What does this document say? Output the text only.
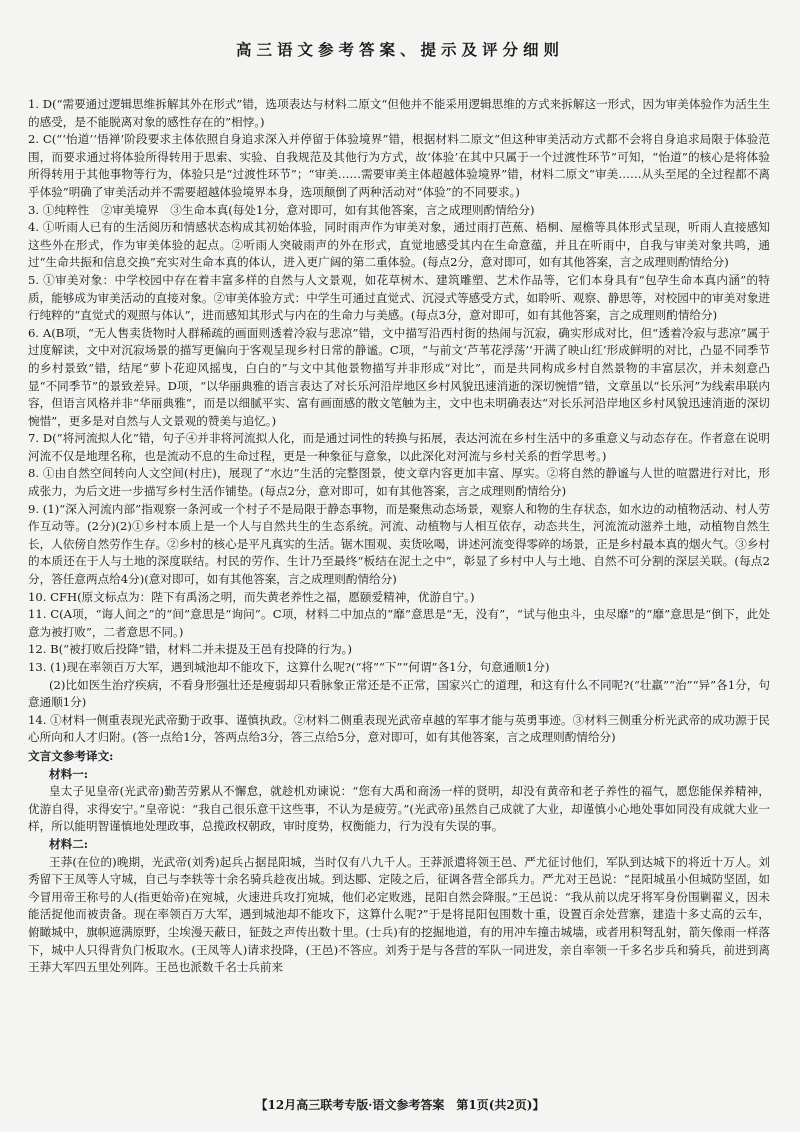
高三语文参考答案、提示及评分细则

1. D(“需要通过逻辑思维拆解其外在形式”错，选项表达与材料二原文“但他并不能采用逻辑思维的方式来拆解这一形式，因为审美体验作为活生生的感受，是不能脱离对象的感性存在的”相悖。)

2. C(“‘怡道’‘悟禅’阶段要求主体依照自身追求深入并停留于体验境界”错，根据材料二原文“但这种审美活动方式都不会将自身追求局限于体验范围，而要求通过将体验所得转用于思索、实验、自我规范及其他行为方式，故‘体验’在其中只属于一个过渡性环节”可知，“怡道”的核心是将体验所得转用于其他事物等行为，体验只是“过渡性环节”；“审美……需要审美主体超越体验境界”错，材料二原文“审美……从头至尾的全过程都不离乎体验”明确了审美活动并不需要超越体验境界本身，选项颠倒了两种活动对“体验”的不同要求。)

3. ①纯粹性　②审美境界　③生命本真(每处1分，意对即可，如有其他答案，言之成理则酌情给分)

4. ①听雨人已有的生活阅历和情感状态构成其初始体验，同时雨声作为审美对象，通过雨打芭蕉、梧桐、屋檐等具体形式呈现，听雨人直接感知这些外在形式，作为审美体验的起点。②听雨人突破雨声的外在形式，直觉地感受其内在生命意蕴，并且在听雨中，自我与审美对象共鸣，通过“生命共振和信息交换”充实对生命本真的体认，进入更广阔的第二重体验。(每点2分，意对即可，如有其他答案，言之成理则酌情给分)

5. ①审美对象：中学校园中存在着丰富多样的自然与人文景观，如花草树木、建筑雕塑、艺术作品等，它们本身具有“包孕生命本真内涵”的特质，能够成为审美活动的直接对象。②审美体验方式：中学生可通过直觉式、沉浸式等感受方式，如聆听、观察、静思等，对校园中的审美对象进行纯粹的“直觉式的观照与体认”，进而感知其形式与内在的生命力与美感。(每点3分，意对即可，如有其他答案，言之成理则酌情给分)

6. A(B项，“无人售卖货物时人群稀疏的画面则透着冷寂与悲凉”错，文中描写沿西村街的热闹与沉寂，确实形成对比，但“透着冷寂与悲凉”属于过度解读，文中对沉寂场景的描写更偏向于客观呈现乡村日常的静谧。C项，“与前文‘芦苇花浮荡’‘开满了映山红’形成鲜明的对比，凸显不同季节的乡村景致”错，结尾“萝卜花迎风摇曳，白白的”与文中其他景物描写并非形成“对比”，而是共同构成乡村自然景物的丰富层次，并未刻意凸显“不同季节”的景致差异。D项，“以华丽典雅的语言表达了对长乐河沿岸地区乡村风貌迅速消逝的深切惋惜”错，文章虽以“长乐河”为线索串联内容，但语言风格并非“华丽典雅”，而是以细腻平实、富有画面感的散文笔触为主，文中也未明确表达“对长乐河沿岸地区乡村风貌迅速消逝的深切惋惜”，更多是对自然与人文景观的赞美与追忆。)

7. D(“将河流拟人化”错，句子④并非将河流拟人化，而是通过词性的转换与拓展，表达河流在乡村生活中的多重意义与动态存在。作者意在说明河流不仅是地理名称，也是流动不息的生命过程，更是一种象征与意象，以此深化对河流与乡村关系的哲学思考。)

8. ①由自然空间转向人文空间(村庄)，展现了“水边”生活的完整图景，使文章内容更加丰富、厚实。②将自然的静谧与人世的喧嚣进行对比，形成张力，为后文进一步描写乡村生活作铺垫。(每点2分，意对即可，如有其他答案，言之成理则酌情给分)

9. (1)“深入河流内部”指观察一条河或一个村子不是局限于静态事物，而是聚焦动态场景，观察人和物的生存状态，如水边的动植物活动、村人劳作互动等。(2分)(2)①乡村本质上是一个人与自然共生的生态系统。河流、动植物与人相互依存，动态共生，河流流动滋养土地，动植物自然生长，人依傍自然劳作生存。②乡村的核心是平凡真实的生活。锯木围观、卖货吆喝，讲述河流变得零碎的场景，正是乡村最本真的烟火气。③乡村的本质还在于人与土地的深度联结。村民的劳作、生计乃至最终“板结在泥土之中”，彰显了乡村中人与土地、自然不可分割的深层关联。(每点2分，答任意两点给4分)(意对即可，如有其他答案，言之成理则酌情给分)

10. CFH(原文标点为：陛下有禹汤之明，而失黄老养性之福，愿颐爱精神，优游自宁。)

11. C(A项，“诲人间之”的“间”意思是“询问”。C项，材料二中加点的“靡”意思是“无，没有”，“试与他虫斗，虫尽靡”的“靡”意思是“倒下，此处意为被打败”，二者意思不同。)

12. B(“被打败后投降”错，材料二并未提及王邑有投降的行为。)

13. (1)现在率领百万大军，遇到城池却不能攻下，这算什么呢?(“将”“下”“何谓”各1分，句意通顺1分)

(2)比如医生治疗疾病，不看身形强壮还是瘦弱却只看脉象正常还是不正常，国家兴亡的道理，和这有什么不同呢?(“壮羸”“治”“异”各1分，句意通顺1分)

14. ①材料一侧重表现光武帝勤于政事、谨慎执政。②材料二侧重表现光武帝卓越的军事才能与英勇事迹。③材料三侧重分析光武帝的成功源于民心所向和人才归附。(答一点给1分，答两点给3分，答三点给5分，意对即可，如有其他答案，言之成理则酌情给分)

文言文参考译文:

材料一:

皇太子见皇帝(光武帝)勤苦劳累从不懈怠，就趁机劝谏说：“您有大禹和商汤一样的贤明，却没有黄帝和老子养性的福气，愿您能保养精神，优游自得，求得安宁。”皇帝说：“我自己很乐意干这些事，不认为是疲劳。”(光武帝)虽然自己成就了大业，却谨慎小心地处事如同没有成就大业一样，所以能明智谨慎地处理政事，总揽政权朝政，审时度势，权衡能力，行为没有失误的事。

材料二:

王莽(在位的)晚期，光武帝(刘秀)起兵占据昆阳城，当时仅有八九千人。王莽派遣将领王邑、严尤征讨他们，军队到达城下的将近十万人。刘秀留下王凤等人守城，自己与李轶等十余名骑兵趁夜出城。到达郾、定陵之后，征调各营全部兵力。严尤对王邑说：“昆阳城虽小但城防坚固，如今冒用帝王称号的人(指更始帝)在宛城，火速进兵攻打宛城，他们必定败逃，昆阳自然会降服。”王邑说：“我从前以虎牙将军身份围剿翟义，因未能活捉他而被责备。现在率领百万大军，遇到城池却不能攻下，这算什么呢?”于是将昆阳包围数十重，设置百余处营寨，建造十多丈高的云车，俯瞰城中，旗帜遮满原野，尘埃漫天蔽日，钲鼓之声传出数十里。(士兵)有的挖掘地道，有的用冲车撞击城墙，或者用积弩乱射，箭矢像雨一样落下，城中人只得背负门板取水。(王凤等人)请求投降，(王邑)不答应。刘秀于是与各营的军队一同进发，亲自率领一千多名步兵和骑兵，前进到离王莽大军四五里处列阵。王邑也派数千名士兵前来

【12月高三联考专版·语文参考答案　第1页(共2页)】
